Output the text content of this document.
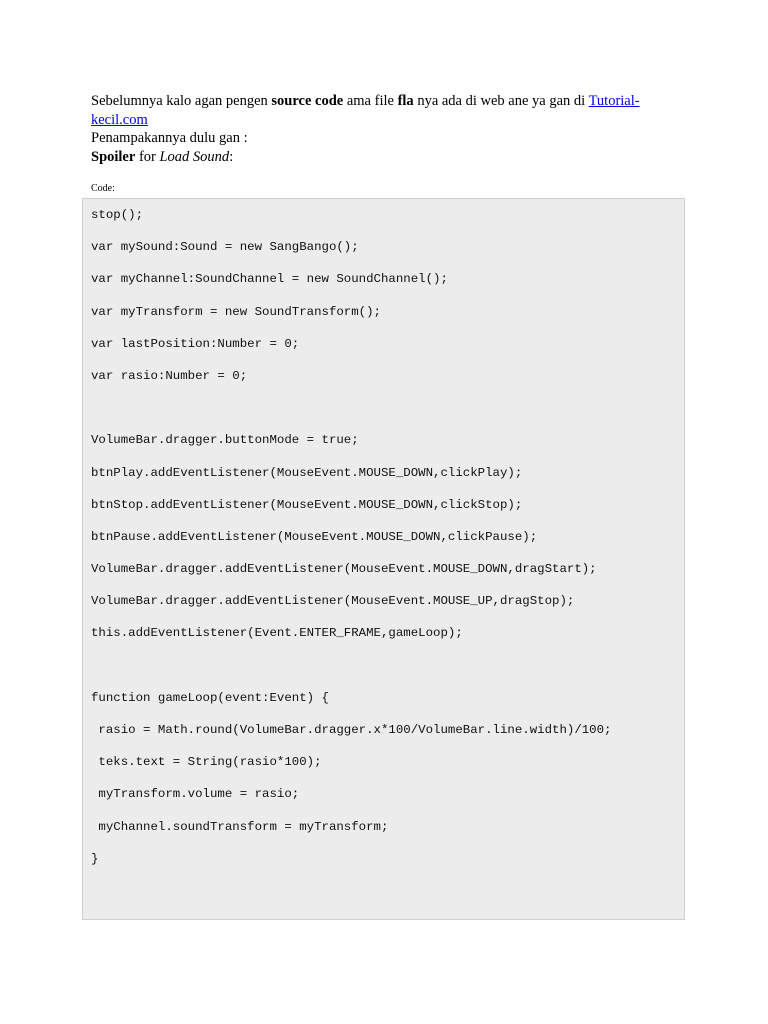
Sebelumnya kalo agan pengen source code ama file fla nya ada di web ane ya gan di Tutorial-kecil.com

Penampakannya dulu gan :

Spoiler for Load Sound:

Code:
stop();
var mySound:Sound = new SangBango();
var myChannel:SoundChannel = new SoundChannel();
var myTransform = new SoundTransform();
var lastPosition:Number = 0;
var rasio:Number = 0;
VolumeBar.dragger.buttonMode = true;
btnPlay.addEventListener(MouseEvent.MOUSE_DOWN,clickPlay);
btnStop.addEventListener(MouseEvent.MOUSE_DOWN,clickStop);
btnPause.addEventListener(MouseEvent.MOUSE_DOWN,clickPause);
VolumeBar.dragger.addEventListener(MouseEvent.MOUSE_DOWN,dragStart);
VolumeBar.dragger.addEventListener(MouseEvent.MOUSE_UP,dragStop);
this.addEventListener(Event.ENTER_FRAME,gameLoop);
function gameLoop(event:Event) {
rasio = Math.round(VolumeBar.dragger.x*100/VolumeBar.line.width)/100;
teks.text = String(rasio*100);
myTransform.volume = rasio;
myChannel.soundTransform = myTransform;
}
